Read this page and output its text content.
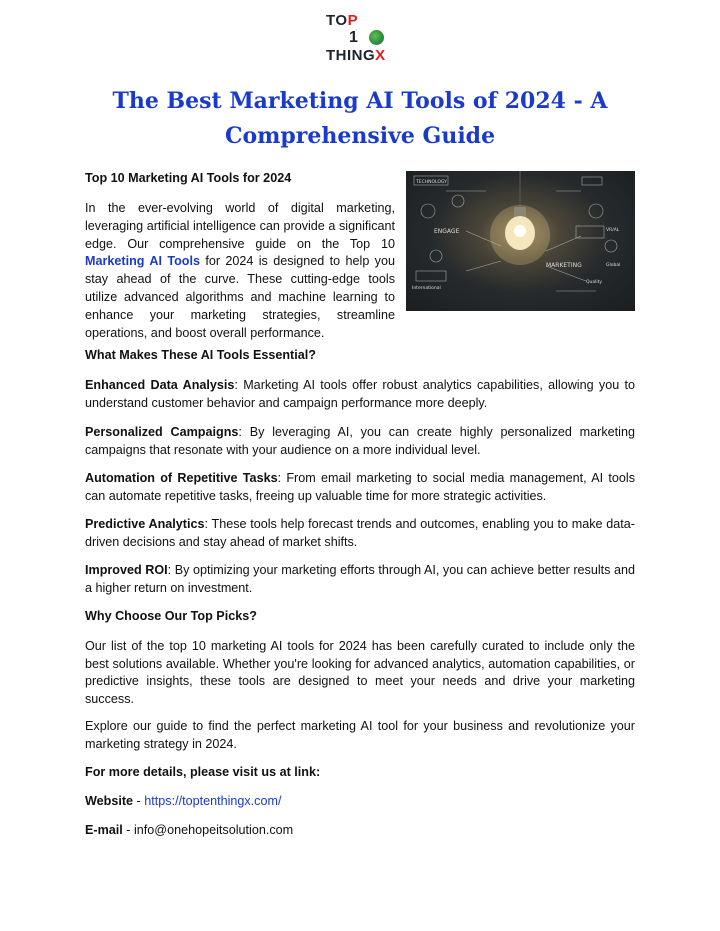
TOP
1
THINGX
The Best Marketing AI Tools of 2024 - A Comprehensive Guide
Top 10 Marketing AI Tools for 2024
In the ever-evolving world of digital marketing, leveraging artificial intelligence can provide a significant edge. Our comprehensive guide on the Top 10 Marketing AI Tools for 2024 is designed to help you stay ahead of the curve. These cutting-edge tools utilize advanced algorithms and machine learning to enhance your marketing strategies, streamline operations, and boost overall performance.
TECHNOLOGY
ENGAGE
MARKETING
International
Quality
VR/AL
Global
What Makes These AI Tools Essential?
Enhanced Data Analysis: Marketing AI tools offer robust analytics capabilities, allowing you to understand customer behavior and campaign performance more deeply.
Personalized Campaigns: By leveraging AI, you can create highly personalized marketing campaigns that resonate with your audience on a more individual level.
Automation of Repetitive Tasks: From email marketing to social media management, AI tools can automate repetitive tasks, freeing up valuable time for more strategic activities.
Predictive Analytics: These tools help forecast trends and outcomes, enabling you to make data-driven decisions and stay ahead of market shifts.
Improved ROI: By optimizing your marketing efforts through AI, you can achieve better results and a higher return on investment.
Why Choose Our Top Picks?
Our list of the top 10 marketing AI tools for 2024 has been carefully curated to include only the best solutions available. Whether you're looking for advanced analytics, automation capabilities, or predictive insights, these tools are designed to meet your needs and drive your marketing success.
Explore our guide to find the perfect marketing AI tool for your business and revolutionize your marketing strategy in 2024.
For more details, please visit us at link:
Website - https://toptenthingx.com/
E-mail - info@onehopeitsolution.com
